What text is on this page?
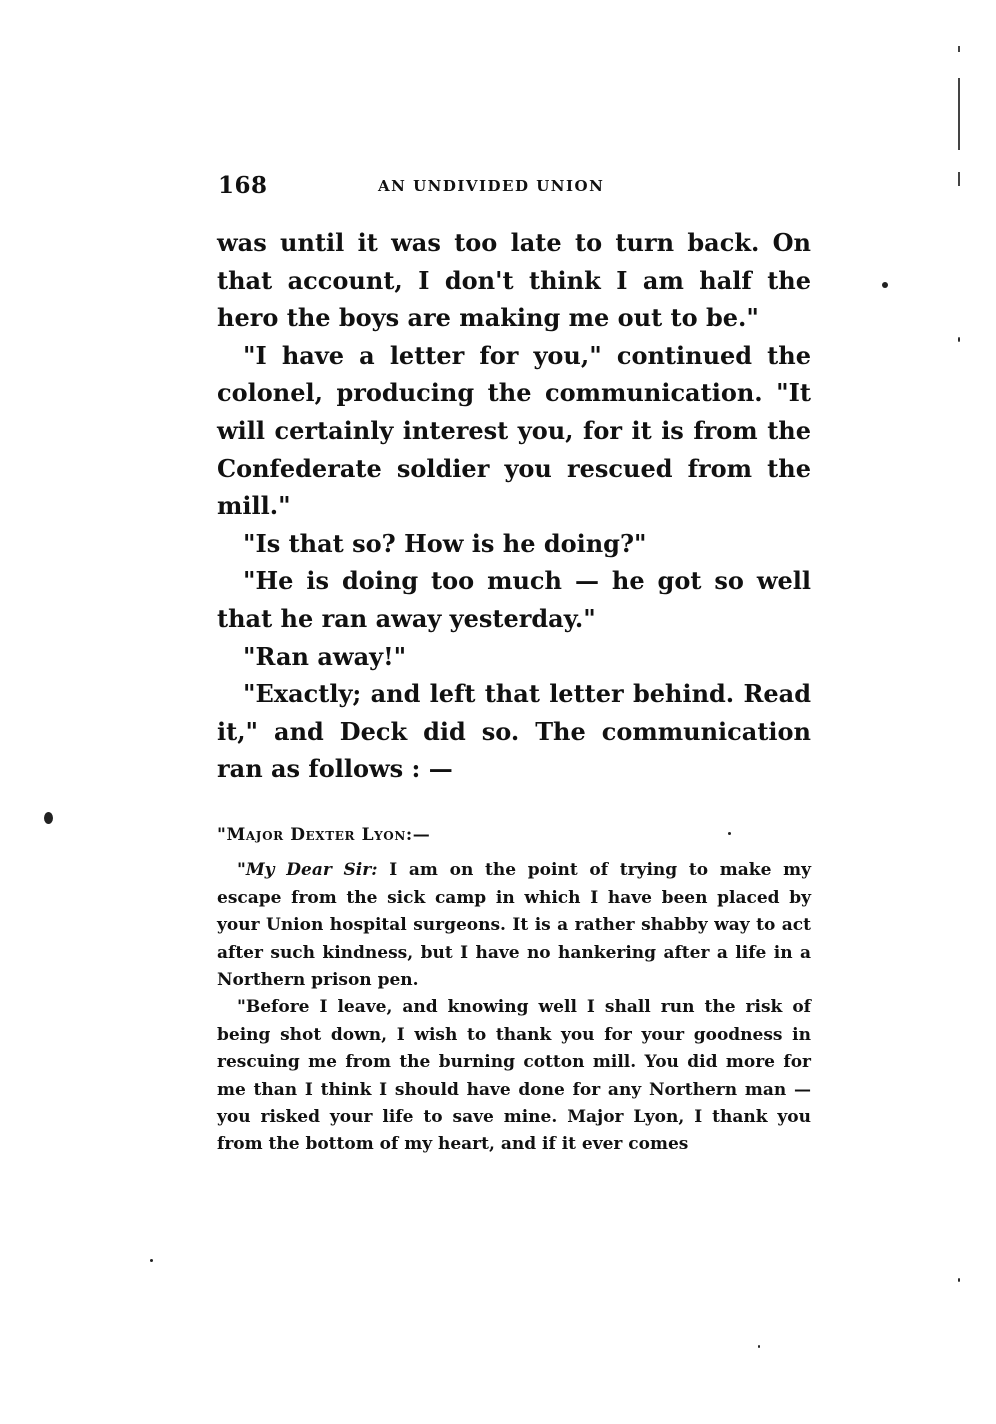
168	AN UNDIVIDED UNION

was until it was too late to turn back. On that account, I don't think I am half the hero the boys are making me out to be."

"I have a letter for you," continued the colonel, producing the communication. "It will certainly interest you, for it is from the Confederate soldier you rescued from the mill."

"Is that so? How is he doing?"

"He is doing too much — he got so well that he ran away yesterday."

"Ran away!"

"Exactly; and left that letter behind. Read it," and Deck did so. The communication ran as follows : —

"Major Dexter Lyon:—

"My Dear Sir: I am on the point of trying to make my escape from the sick camp in which I have been placed by your Union hospital surgeons. It is a rather shabby way to act after such kindness, but I have no hankering after a life in a Northern prison pen.

"Before I leave, and knowing well I shall run the risk of being shot down, I wish to thank you for your goodness in rescuing me from the burning cotton mill. You did more for me than I think I should have done for any Northern man — you risked your life to save mine. Major Lyon, I thank you from the bottom of my heart, and if it ever comes
